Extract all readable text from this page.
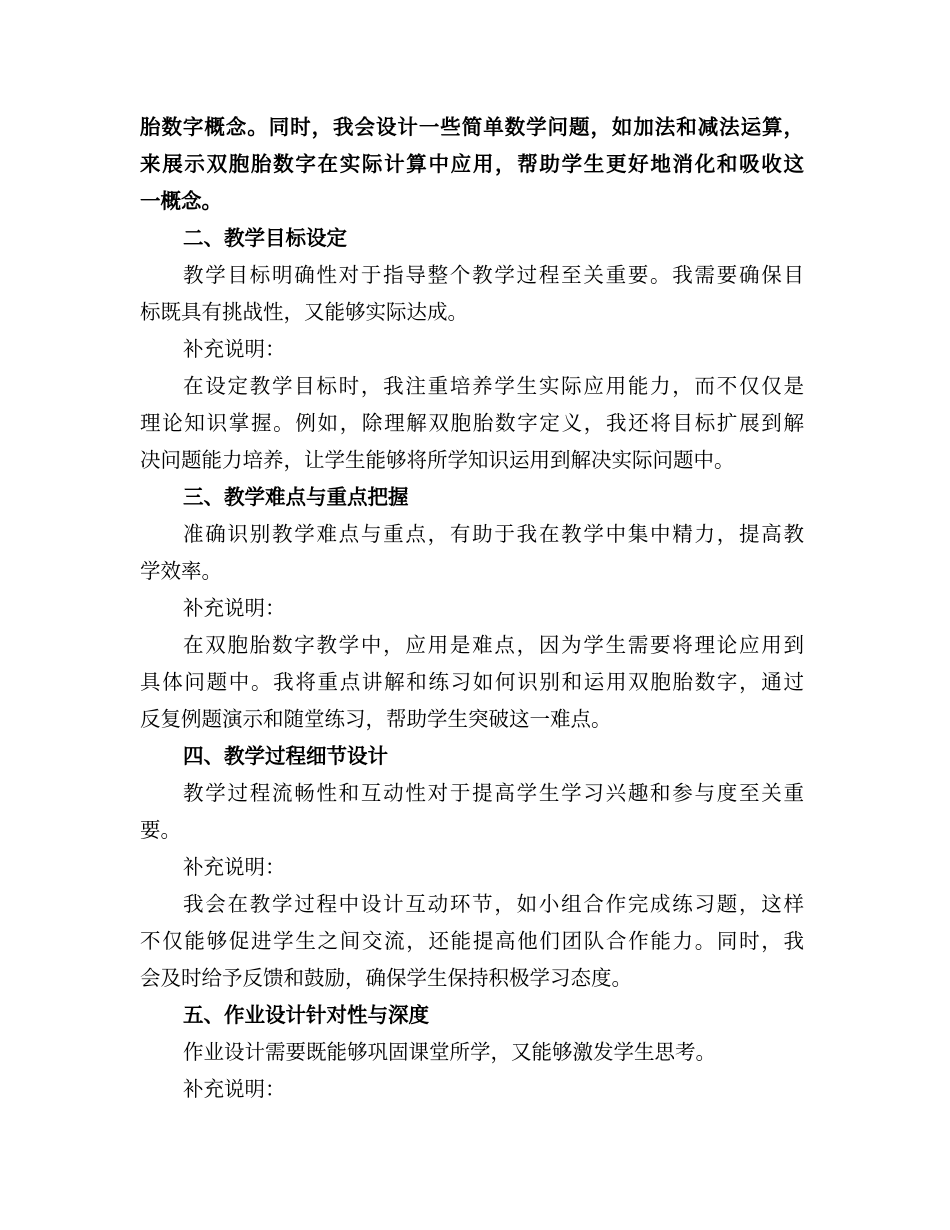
胎数字概念。同时，我会设计一些简单数学问题，如加法和减法运算，
来展示双胞胎数字在实际计算中应用，帮助学生更好地消化和吸收这
一概念。
二、教学目标设定
教学目标明确性对于指导整个教学过程至关重要。我需要确保目
标既具有挑战性，又能够实际达成。
补充说明：
在设定教学目标时，我注重培养学生实际应用能力，而不仅仅是
理论知识掌握。例如，除理解双胞胎数字定义，我还将目标扩展到解
决问题能力培养，让学生能够将所学知识运用到解决实际问题中。
三、教学难点与重点把握
准确识别教学难点与重点，有助于我在教学中集中精力，提高教
学效率。
补充说明：
在双胞胎数字教学中，应用是难点，因为学生需要将理论应用到
具体问题中。我将重点讲解和练习如何识别和运用双胞胎数字，通过
反复例题演示和随堂练习，帮助学生突破这一难点。
四、教学过程细节设计
教学过程流畅性和互动性对于提高学生学习兴趣和参与度至关重
要。
补充说明：
我会在教学过程中设计互动环节，如小组合作完成练习题，这样
不仅能够促进学生之间交流，还能提高他们团队合作能力。同时，我
会及时给予反馈和鼓励，确保学生保持积极学习态度。
五、作业设计针对性与深度
作业设计需要既能够巩固课堂所学，又能够激发学生思考。
补充说明：
